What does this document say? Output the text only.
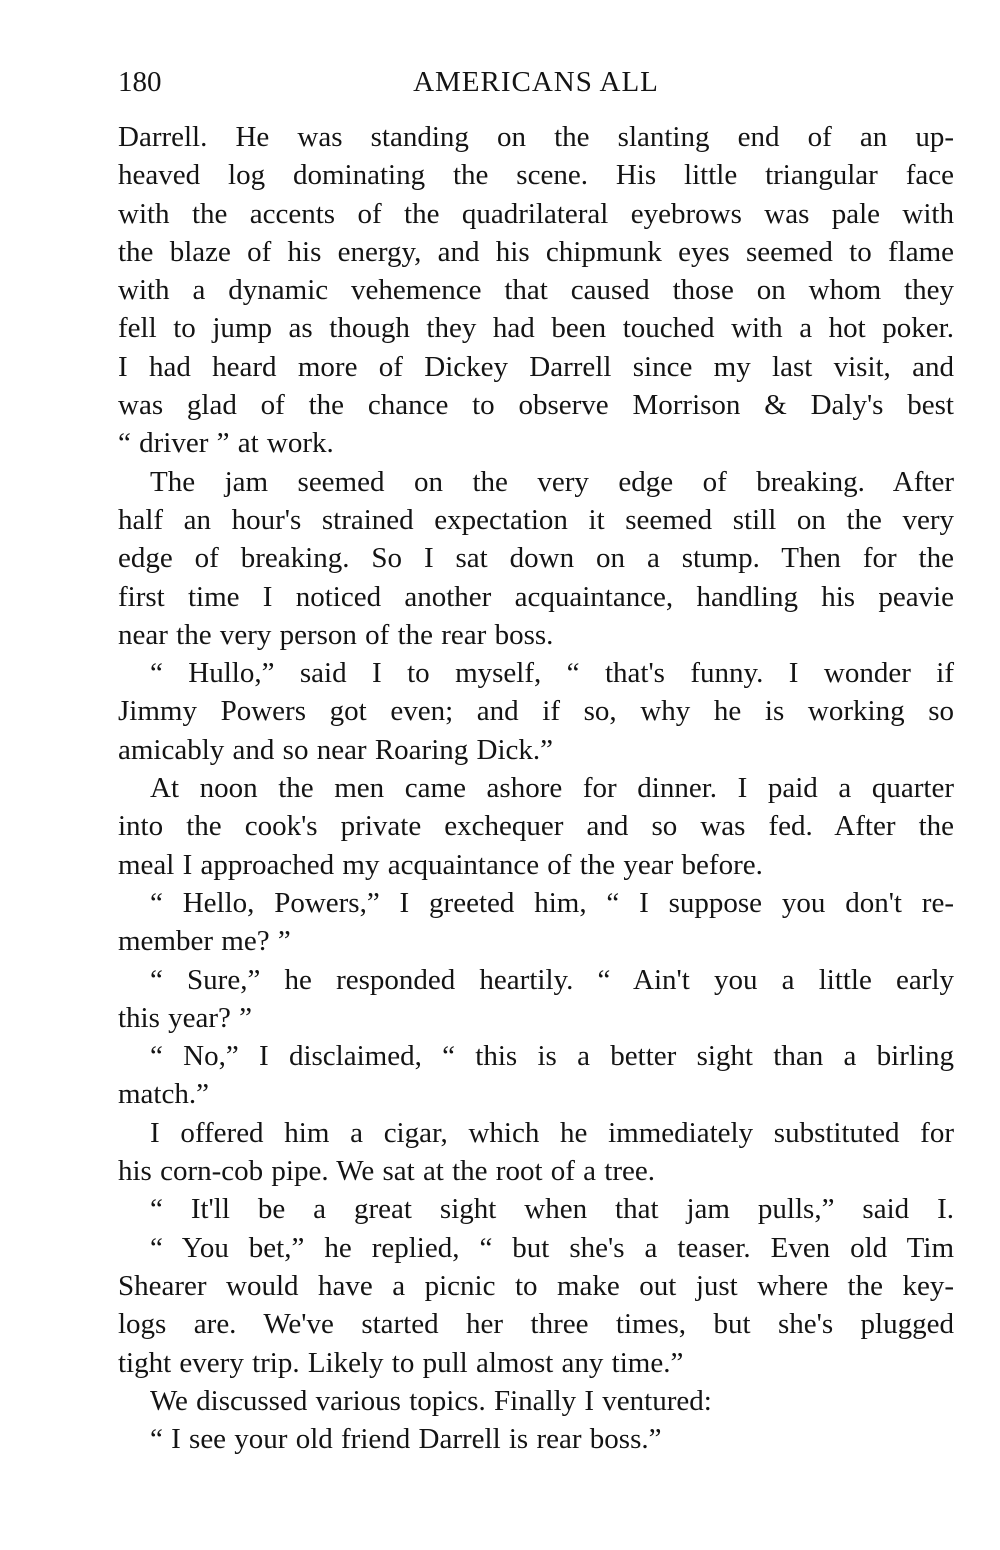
180	AMERICANS ALL
Darrell. He was standing on the slanting end of an up-
heaved log dominating the scene. His little triangular face
with the accents of the quadrilateral eyebrows was pale with
the blaze of his energy, and his chipmunk eyes seemed to flame
with a dynamic vehemence that caused those on whom they
fell to jump as though they had been touched with a hot poker.
I had heard more of Dickey Darrell since my last visit, and
was glad of the chance to observe Morrison & Daly's best
“ driver ” at work.
The jam seemed on the very edge of breaking. After
half an hour's strained expectation it seemed still on the very
edge of breaking. So I sat down on a stump. Then for the
first time I noticed another acquaintance, handling his peavie
near the very person of the rear boss.
“ Hullo,” said I to myself, “ that's funny. I wonder if
Jimmy Powers got even; and if so, why he is working so
amicably and so near Roaring Dick.”
At noon the men came ashore for dinner. I paid a quarter
into the cook's private exchequer and so was fed. After the
meal I approached my acquaintance of the year before.
“ Hello, Powers,” I greeted him, “ I suppose you don't re-
member me? ”
“ Sure,” he responded heartily. “ Ain't you a little early
this year? ”
“ No,” I disclaimed, “ this is a better sight than a birling
match.”
I offered him a cigar, which he immediately substituted for
his corn-cob pipe. We sat at the root of a tree.
“ It'll be a great sight when that jam pulls,” said I.
“ You bet,” he replied, “ but she's a teaser. Even old Tim
Shearer would have a picnic to make out just where the key-
logs are. We've started her three times, but she's plugged
tight every trip. Likely to pull almost any time.”
We discussed various topics. Finally I ventured:
“ I see your old friend Darrell is rear boss.”
